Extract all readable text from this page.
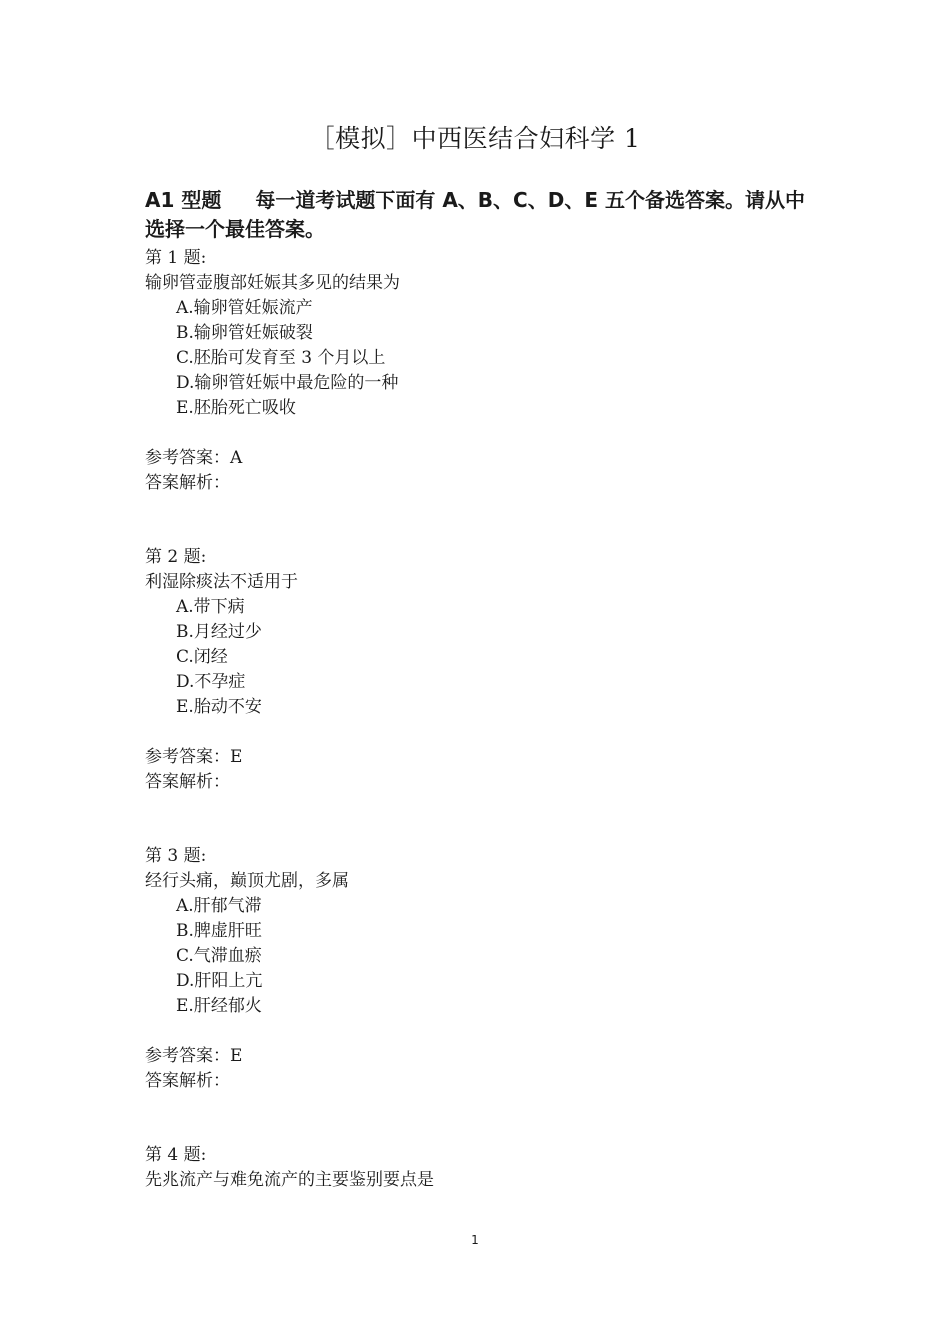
［模拟］中西医结合妇科学 1
A1 型题 每一道考试题下面有 A、B、C、D、E 五个备选答案。请从中选择一个最佳答案。
第 1 题:
输卵管壶腹部妊娠其多见的结果为
A.输卵管妊娠流产
B.输卵管妊娠破裂
C.胚胎可发育至 3 个月以上
D.输卵管妊娠中最危险的一种
E.胚胎死亡吸收
参考答案：A
答案解析：
第 2 题:
利湿除痰法不适用于
A.带下病
B.月经过少
C.闭经
D.不孕症
E.胎动不安
参考答案：E
答案解析：
第 3 题:
经行头痛，巅顶尤剧，多属
A.肝郁气滞
B.脾虚肝旺
C.气滞血瘀
D.肝阳上亢
E.肝经郁火
参考答案：E
答案解析：
第 4 题:
先兆流产与难免流产的主要鉴别要点是
1
